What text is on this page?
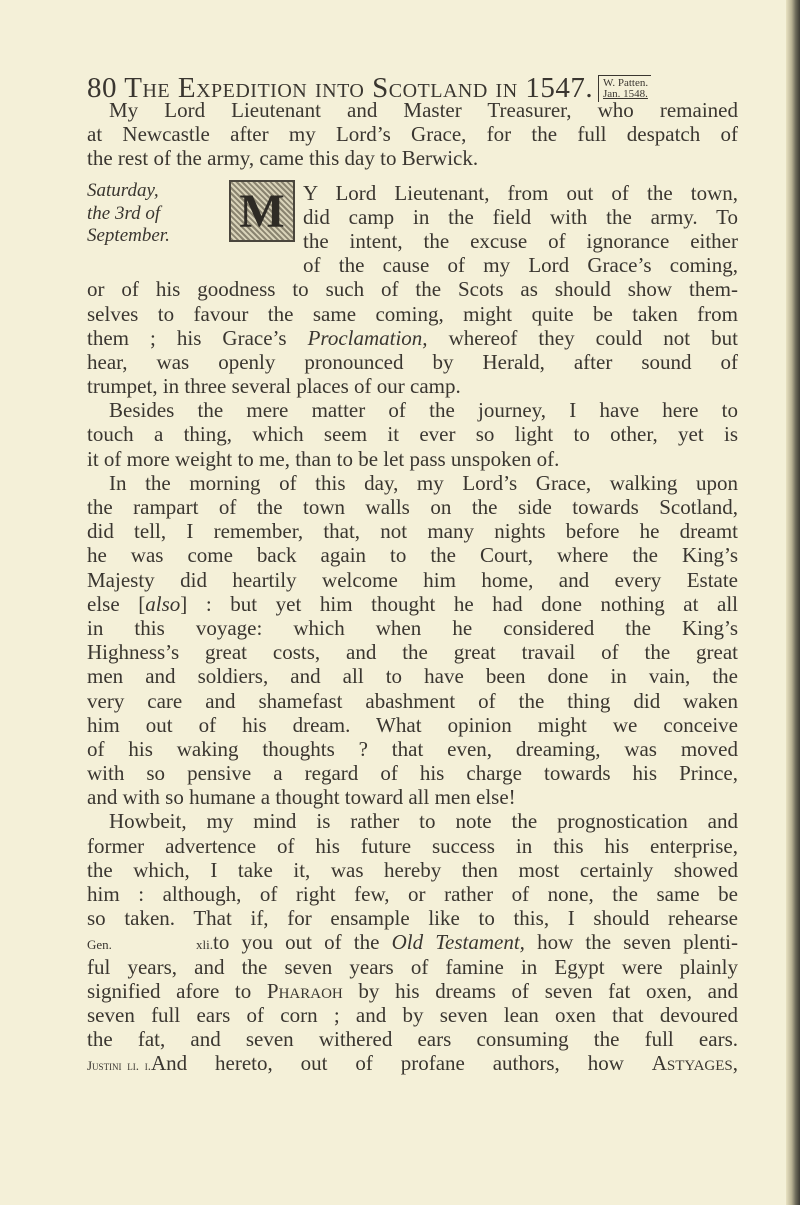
80 The Expedition into Scotland in 1547. W. Patten.
Jan. 1548.
Saturday,
the 3rd of
September. M
My Lord Lieutenant and Master Treasurer, who remained
at Newcastle after my Lord’s Grace, for the full despatch of
the rest of the army, came this day to Berwick.
Y Lord Lieutenant, from out of the town,
did camp in the field with the army. To
the intent, the excuse of ignorance either
of the cause of my Lord Grace’s coming,
or of his goodness to such of the Scots as should show them-
selves to favour the same coming, might quite be taken from
them ; his Grace’s Proclamation, whereof they could not but
hear, was openly pronounced by Herald, after sound of
trumpet, in three several places of our camp.
Besides the mere matter of the journey, I have here to
touch a thing, which seem it ever so light to other, yet is
it of more weight to me, than to be let pass unspoken of.
In the morning of this day, my Lord’s Grace, walking upon
the rampart of the town walls on the side towards Scotland,
did tell, I remember, that, not many nights before he dreamt
he was come back again to the Court, where the King’s
Majesty did heartily welcome him home, and every Estate
else [also] : but yet him thought he had done nothing at all
in this voyage: which when he considered the King’s
Highness’s great costs, and the great travail of the great
men and soldiers, and all to have been done in vain, the
very care and shamefast abashment of the thing did waken
him out of his dream. What opinion might we conceive
of his waking thoughts ? that even, dreaming, was moved
with so pensive a regard of his charge towards his Prince,
and with so humane a thought toward all men else!
Howbeit, my mind is rather to note the prognostication and
former advertence of his future success in this his enterprise,
the which, I take it, was hereby then most certainly showed
him : although, of right few, or rather of none, the same be
so taken. That if, for ensample like to this, I should rehearse
Gen. xli.to you out of the Old Testament, how the seven plenti-
ful years, and the seven years of famine in Egypt were plainly
signified afore to Pharaoh by his dreams of seven fat oxen, and
seven full ears of corn ; and by seven lean oxen that devoured
the fat, and seven withered ears consuming the full ears.
Justini li. i.And hereto, out of profane authors, how Astyages,
